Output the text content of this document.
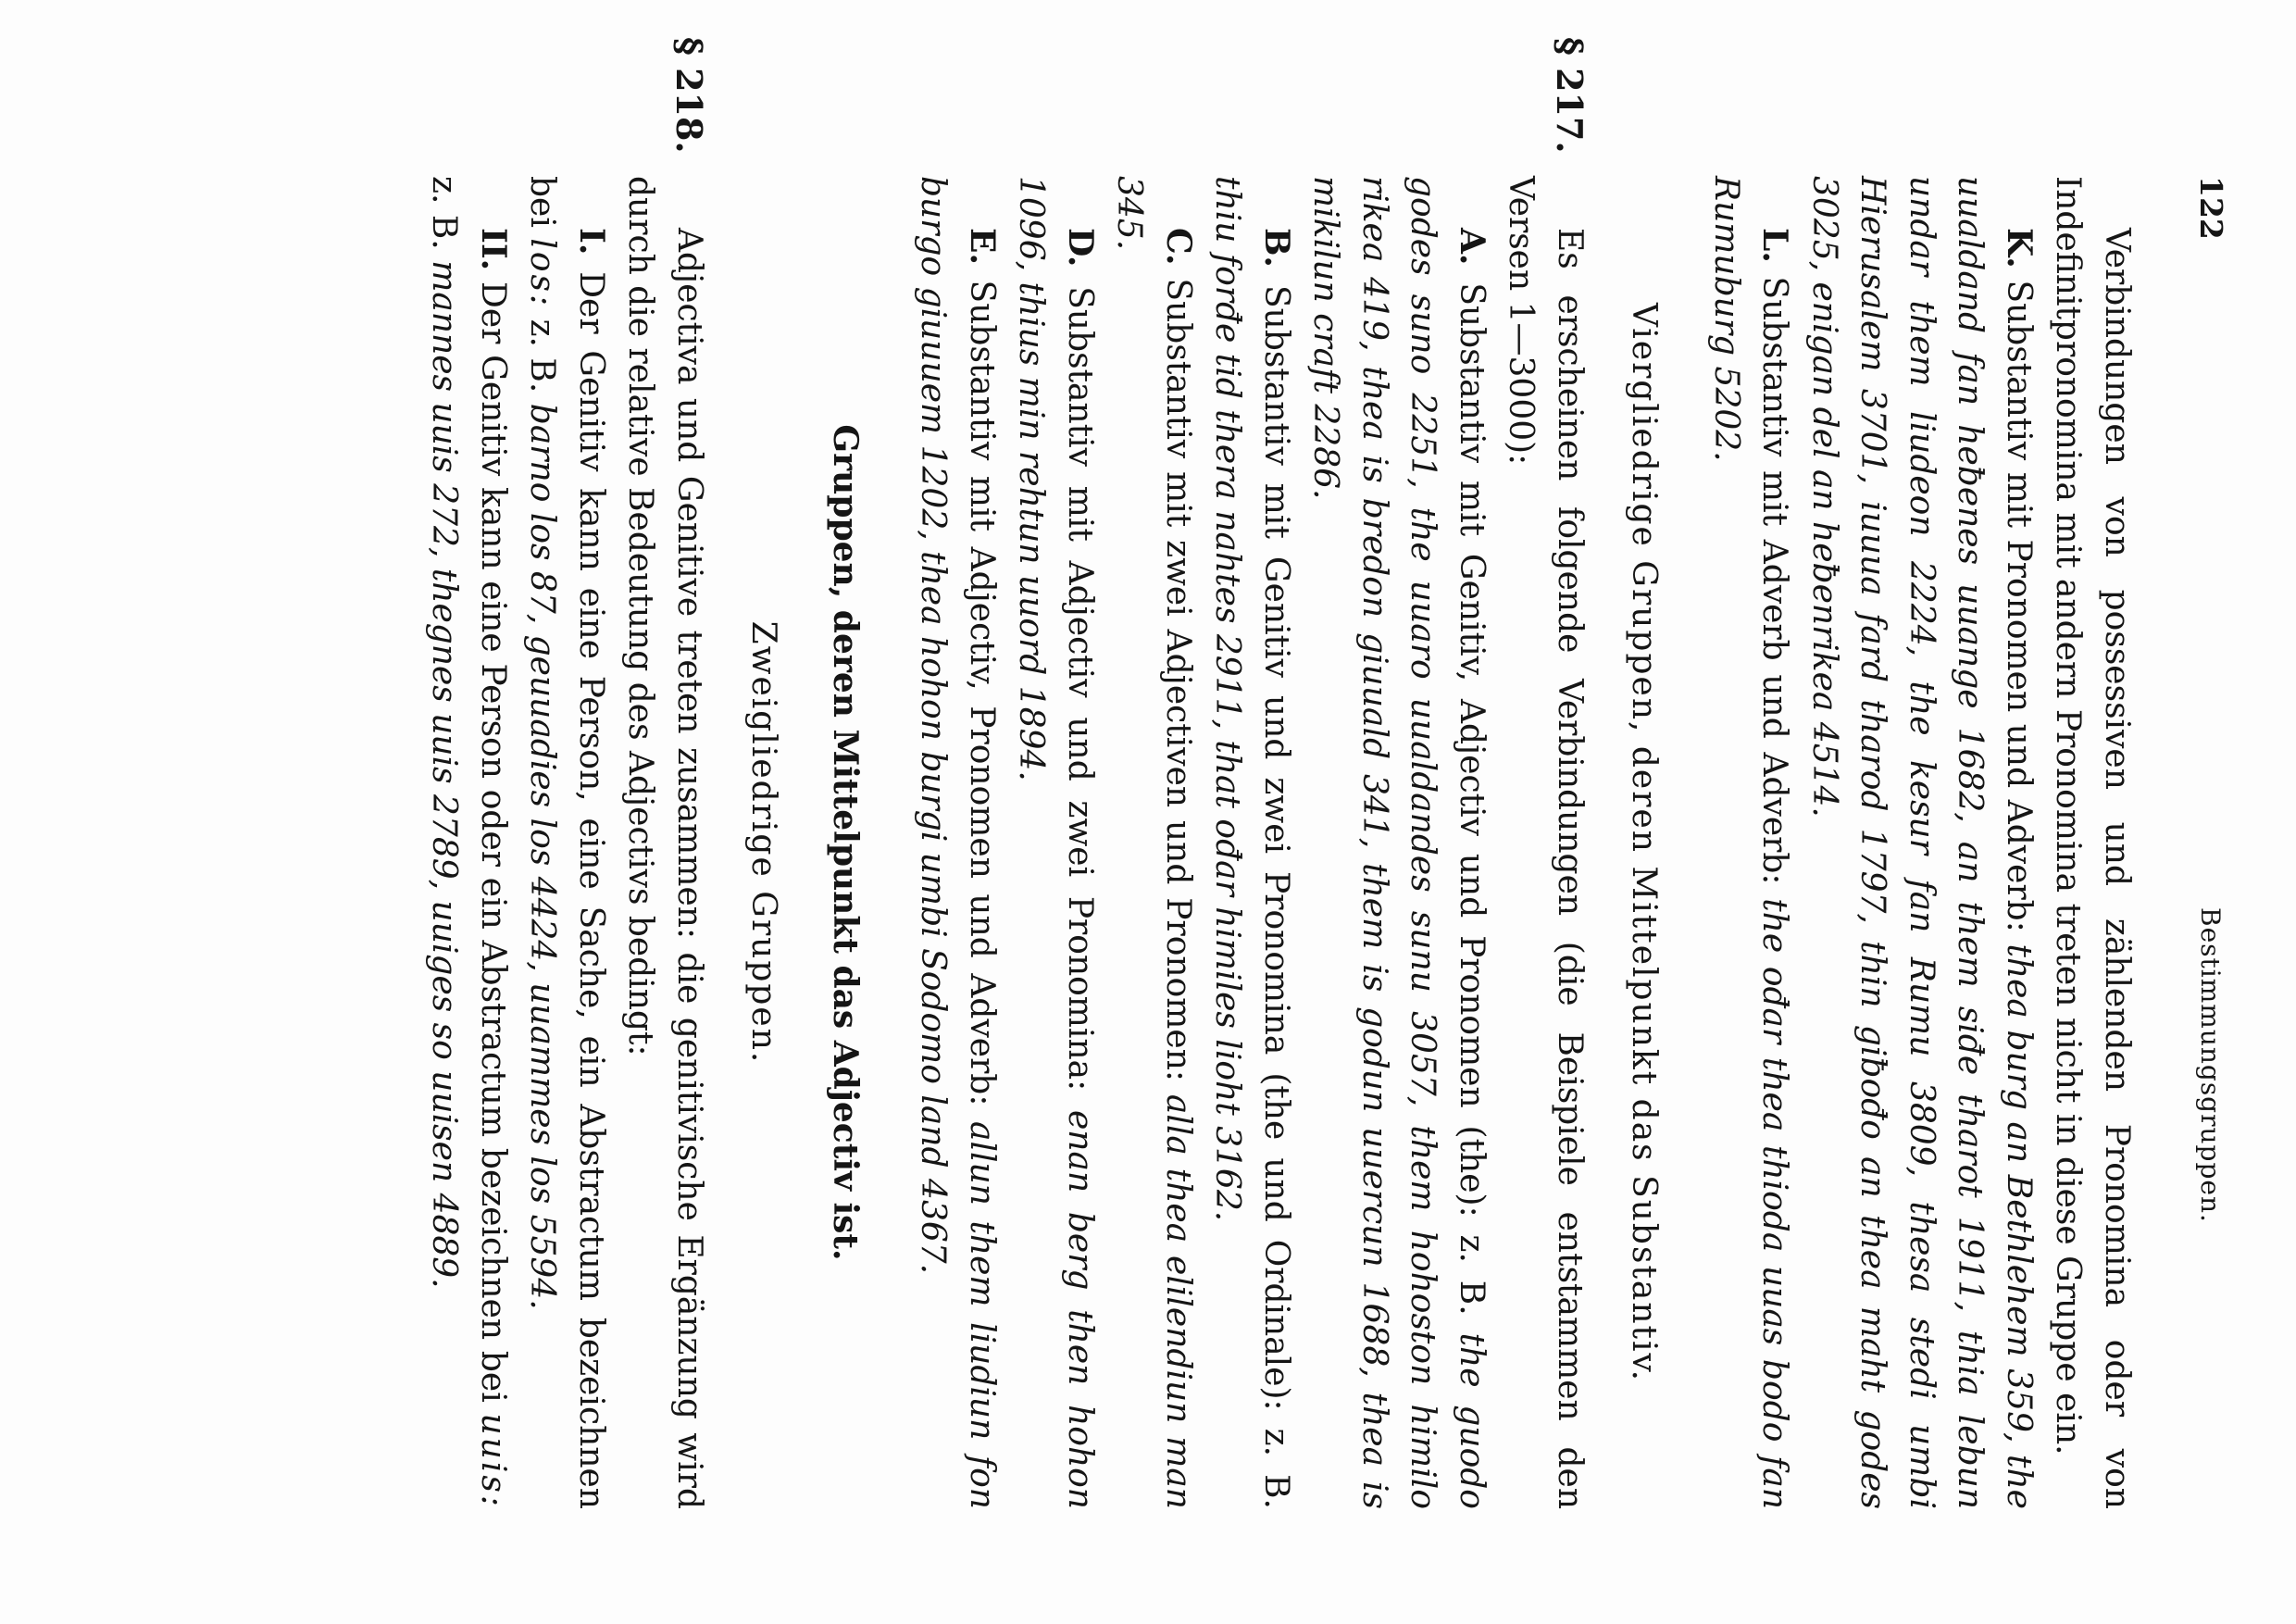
122
Bestimmungsgruppen.

Verbindungen von possessiven und zählenden Pronomina oder von Indefinitpronomina mit andern Pronomina treten nicht in diese Gruppe ein.

K. Substantiv mit Pronomen und Adverb: thea burg an Bethlehem 359, the uualdand fan heƀenes uuange 1682, an them siđe tharot 1911, thia lebun undar them liudeon 2224, the kesur fan Rumu 3809, thesa stedi umbi Hierusalem 3701, iuuua fard tharod 1797, thin giƀođo an thea maht godes 3025, enigan del an heƀenrikea 4514.

L. Substantiv mit Adverb und Adverb: the ođar thea thioda uuas bodo fan Rumuburg 5202.

Viergliedrige Gruppen, deren Mittelpunkt das Substantiv.

§ 217.

Es erscheinen folgende Verbindungen (die Beispiele entstammen den Versen 1—3000):

A. Substantiv mit Genitiv, Adjectiv und Pronomen (the): z. B. the guodo godes suno 2251, the uuaro uualdandes sunu 3057, them hohoston himilo rikea 419, thea is bredon giuuald 341, them is godun uuercun 1688, thea is mikilun craft 2286.

B. Substantiv mit Genitiv und zwei Pronomina (the und Ordinale): z. B. thiu forđe tid thera nahtes 2911, that ođar himiles lioht 3162.

C. Substantiv mit zwei Adjectiven und Pronomen: alla thea elilendiun man 345.

D. Substantiv mit Adjectiv und zwei Pronomina: enan berg then hohon 1096, thius min rehtun uuord 1894.

E. Substantiv mit Adjectiv, Pronomen und Adverb: allun them liudiun fon burgo giuuuem 1202, thea hohon burgi umbi Sodomo land 4367.

Gruppen, deren Mittelpunkt das Adjectiv ist.

Zweigliedrige Gruppen.

§ 218.

Adjectiva und Genitive treten zusammen: die genitivische Ergänzung wird durch die relative Bedeutung des Adjectivs bedingt:

I. Der Genitiv kann eine Person, eine Sache, ein Abstractum bezeichnen bei los: z. B. barno los 87, geuuadies los 4424, uuammes los 5594.

II. Der Genitiv kann eine Person oder ein Abstractum bezeichnen bei uuis: z. B. mannes uuis 272, thegnes uuis 2789, uuiges so uuisen 4889.
